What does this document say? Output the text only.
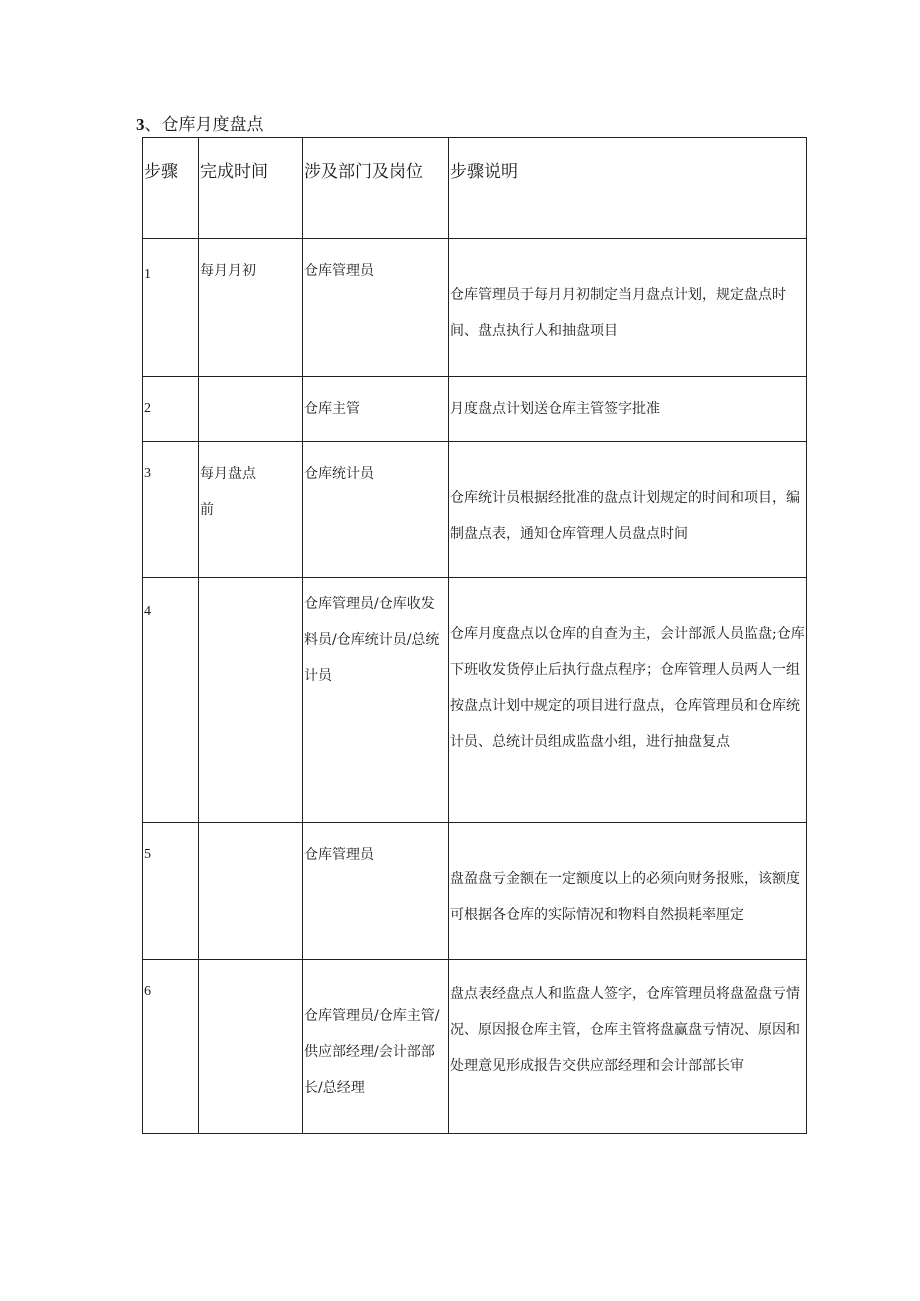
3、仓库月度盘点
步骤	完成时间	涉及部门及岗位	步骤说明

1	每月月初	仓库管理员	仓库管理员于每月月初制定当月盘点计划，规定盘点时间、盘点执行人和抽盘项目

2		仓库主管	月度盘点计划送仓库主管签字批准

3	每月盘点前	仓库统计员	仓库统计员根据经批准的盘点计划规定的时间和项目，编制盘点表，通知仓库管理人员盘点时间

4		仓库管理员/仓库收发料员/仓库统计员/总统计员	仓库月度盘点以仓库的自查为主，会计部派人员监盘;仓库下班收发货停止后执行盘点程序；仓库管理人员两人一组按盘点计划中规定的项目进行盘点，仓库管理员和仓库统计员、总统计员组成监盘小组，进行抽盘复点

5		仓库管理员	盘盈盘亏金额在一定额度以上的必须向财务报账，该额度可根据各仓库的实际情况和物料自然损耗率厘定

6		仓库管理员/仓库主管/供应部经理/会计部部长/总经理	盘点表经盘点人和监盘人签字，仓库管理员将盘盈盘亏情况、原因报仓库主管，仓库主管将盘赢盘亏情况、原因和处理意见形成报告交供应部经理和会计部部长审
